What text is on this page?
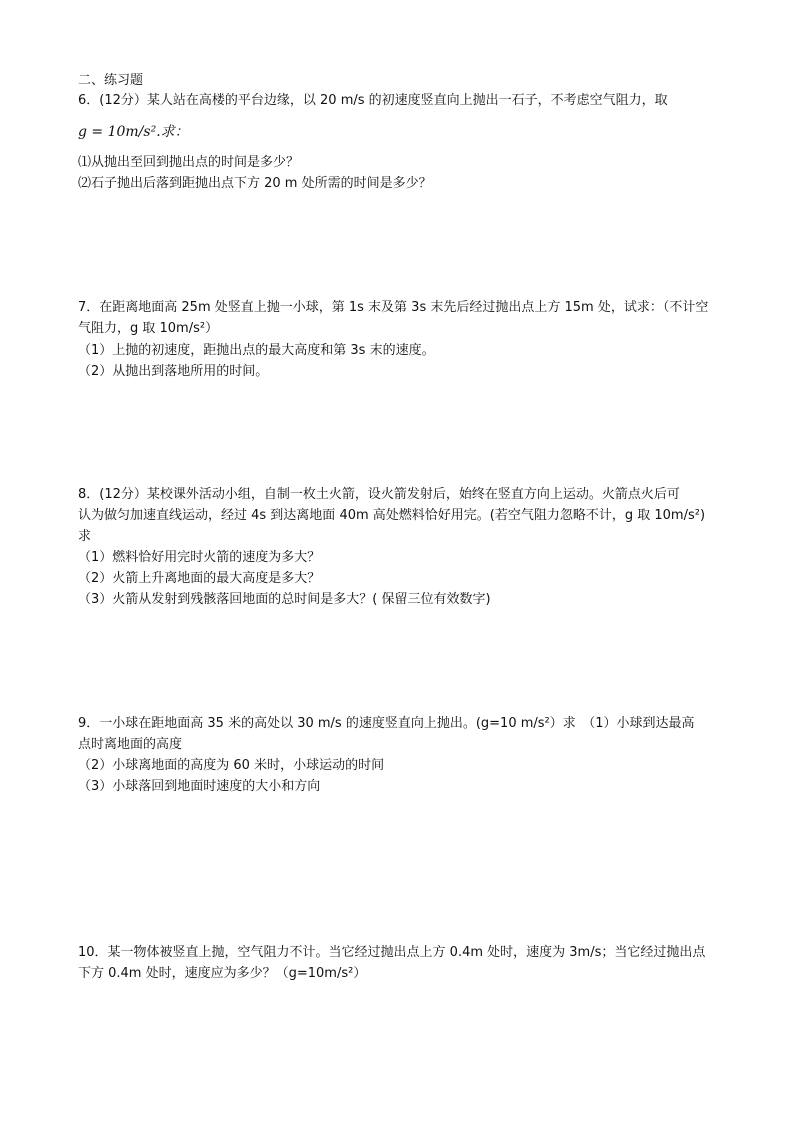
二、练习题
6．(12分）某人站在高楼的平台边缘，以 20 m/s 的初速度竖直向上抛出一石子，不考虑空气阻力，取
g = 10m/s².求：
⑴从抛出至回到抛出点的时间是多少？
⑵石子抛出后落到距抛出点下方 20 m 处所需的时间是多少？
7．在距离地面高 25m 处竖直上抛一小球，第 1s 末及第 3s 末先后经过抛出点上方 15m 处，试求：（不计空
气阻力，g 取 10m/s²）
（1）上抛的初速度，距抛出点的最大高度和第 3s 末的速度。
（2）从抛出到落地所用的时间。
8．(12分）某校课外活动小组，自制一枚土火箭，设火箭发射后，始终在竖直方向上运动。火箭点火后可
认为做匀加速直线运动，经过 4s 到达离地面 40m 高处燃料恰好用完。(若空气阻力忽略不计，g 取 10m/s²)
求
（1）燃料恰好用完时火箭的速度为多大？
（2）火箭上升离地面的最大高度是多大？
（3）火箭从发射到残骸落回地面的总时间是多大？( 保留三位有效数字)
9．一小球在距地面高 35 米的高处以 30 m/s 的速度竖直向上抛出。(g=10 m/s²）求　（1）小球到达最高
点时离地面的高度
（2）小球离地面的高度为 60 米时，小球运动的时间
（3）小球落回到地面时速度的大小和方向
10．某一物体被竖直上抛，空气阻力不计。当它经过抛出点上方 0.4m 处时，速度为 3m/s；当它经过抛出点
下方 0.4m 处时，速度应为多少？（g=10m/s²）
